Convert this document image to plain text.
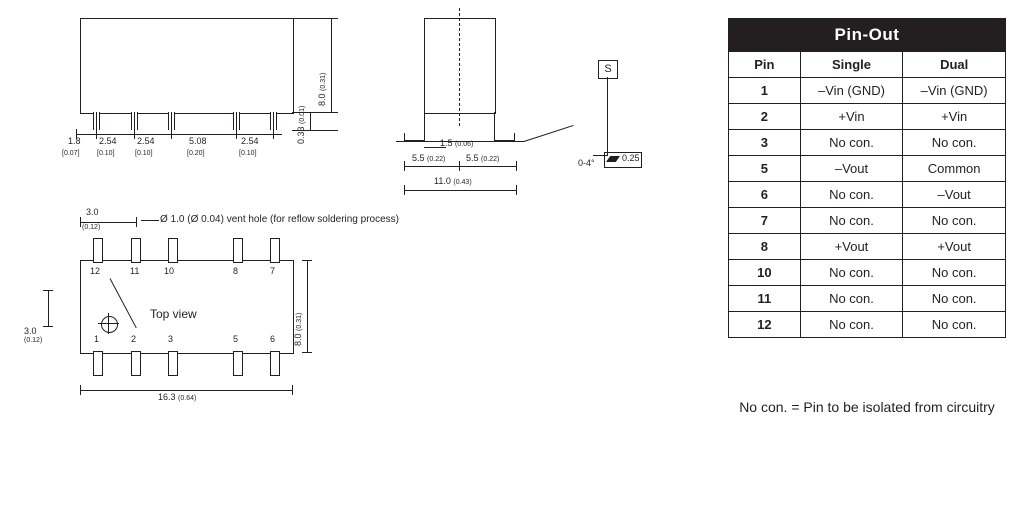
8.0 (0.31)
0.33 (0.01)
1.8
[0.07]
2.54
[0.10]
2.54
[0.10]
5.08
[0.20]
2.54
[0.10]
S
0.25
0-4°
1.5 (0.06)
5.5 (0.22) 5.5 (0.22)
11.0 (0.43)
12	11	10	8	7
1	2	3	5	6
Top view
Ø 1.0 (Ø 0.04) vent hole (for reflow soldering process)
3.0
(0.12)
3.0
(0.12)	8.0 (0.31)
16.3 (0.64)
Pin-Out		
Pin	Single	Dual
1	–Vin (GND)	–Vin (GND)
2	+Vin	+Vin
3	No con.	No con.
5	–Vout	Common
6	No con.	–Vout
7	No con.	No con.
8	+Vout	+Vout
10	No con.	No con.
11	No con.	No con.
12	No con.	No con.
No con. = Pin to be isolated from circuitry
